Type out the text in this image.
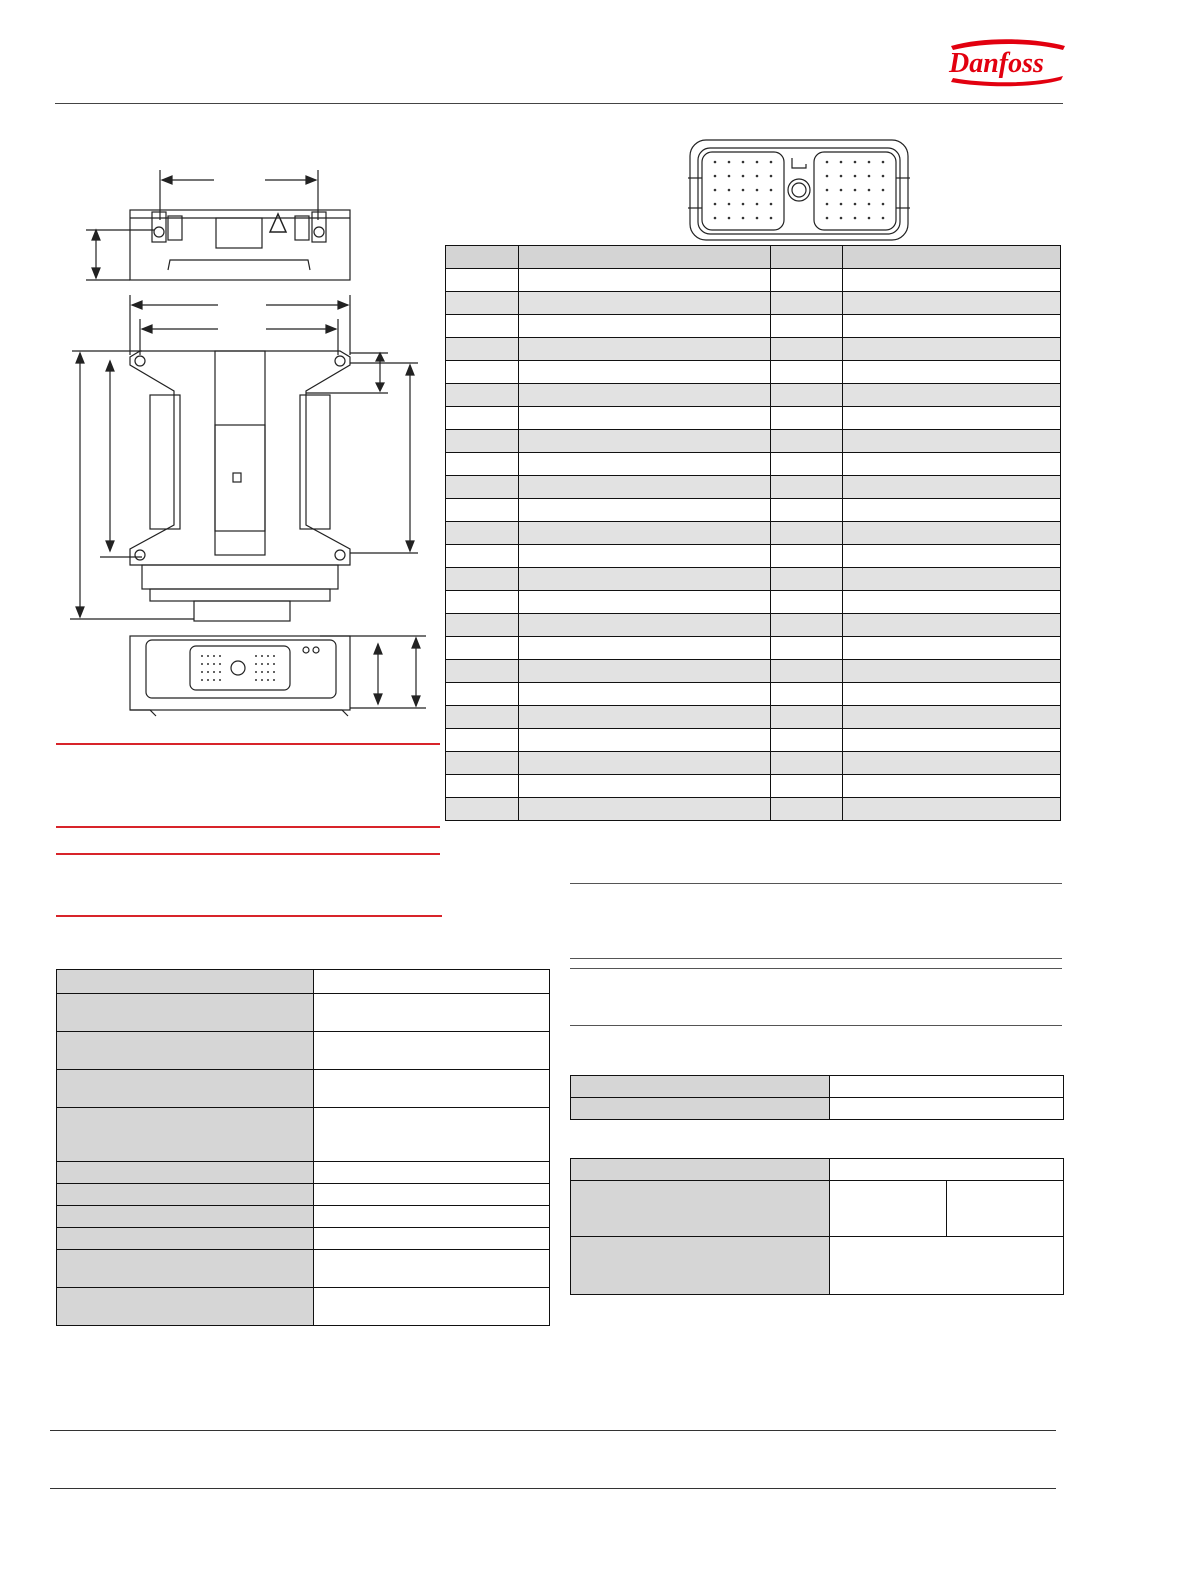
Danfoss
